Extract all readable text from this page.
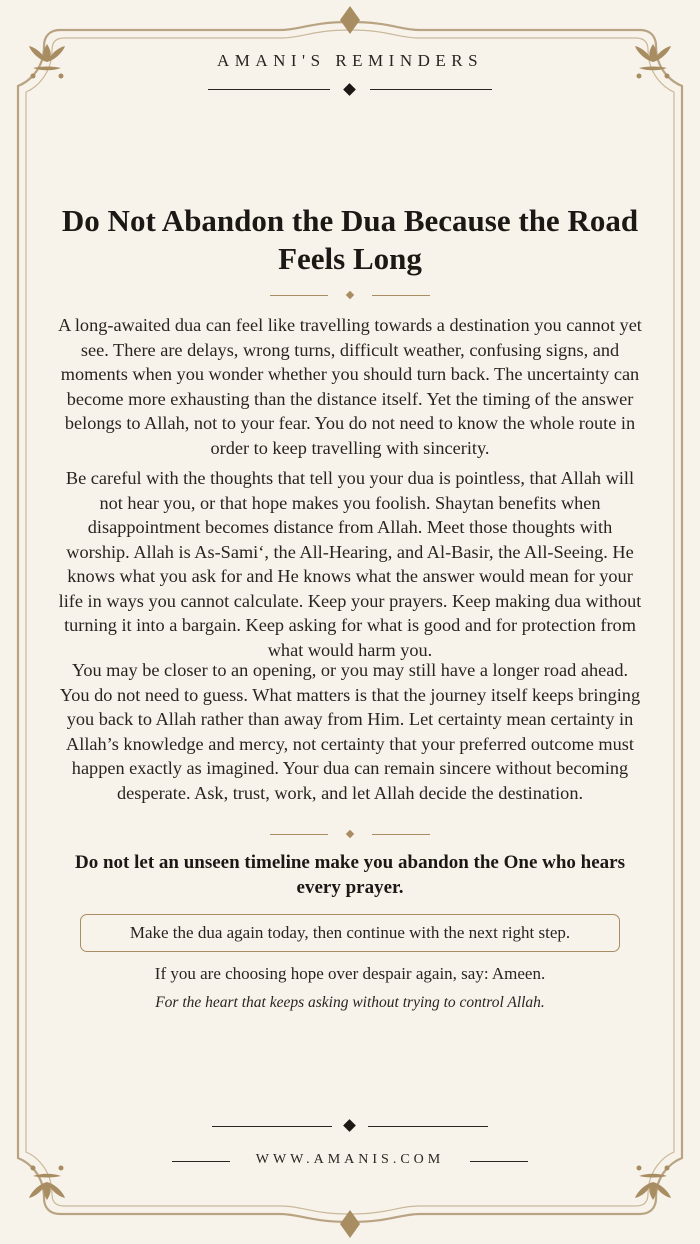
AMANI'S REMINDERS
Do Not Abandon the Dua Because the Road Feels Long
A long-awaited dua can feel like travelling towards a destination you cannot yet see. There are delays, wrong turns, difficult weather, confusing signs, and moments when you wonder whether you should turn back. The uncertainty can become more exhausting than the distance itself. Yet the timing of the answer belongs to Allah, not to your fear. You do not need to know the whole route in order to keep travelling with sincerity.
Be careful with the thoughts that tell you your dua is pointless, that Allah will not hear you, or that hope makes you foolish. Shaytan benefits when disappointment becomes distance from Allah. Meet those thoughts with worship. Allah is As-Sami‘, the All-Hearing, and Al-Basir, the All-Seeing. He knows what you ask for and He knows what the answer would mean for your life in ways you cannot calculate. Keep your prayers. Keep making dua without turning it into a bargain. Keep asking for what is good and for protection from what would harm you.
You may be closer to an opening, or you may still have a longer road ahead. You do not need to guess. What matters is that the journey itself keeps bringing you back to Allah rather than away from Him. Let certainty mean certainty in Allah’s knowledge and mercy, not certainty that your preferred outcome must happen exactly as imagined. Your dua can remain sincere without becoming desperate. Ask, trust, work, and let Allah decide the destination.
Do not let an unseen timeline make you abandon the One who hears every prayer.
Make the dua again today, then continue with the next right step.
If you are choosing hope over despair again, say: Ameen.
For the heart that keeps asking without trying to control Allah.
WWW.AMANIS.COM
